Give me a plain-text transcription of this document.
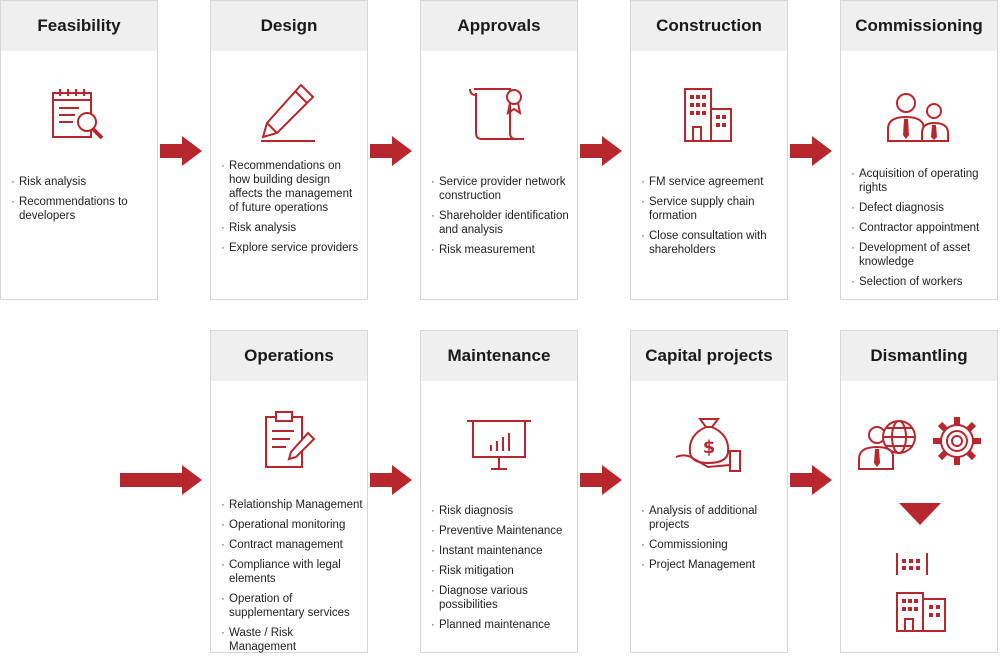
Feasibility
· Risk analysis
· Recommendations to developers
Design
· Recommendations on how building design affects the management of future operations
· Risk analysis
· Explore service providers
Approvals
· Service provider network construction
· Shareholder identification and analysis
· Risk measurement
Construction
· FM service agreement
· Service supply chain formation
· Close consultation with shareholders
Commissioning
· Acquisition of operating rights
· Defect diagnosis
· Contractor appointment
· Development of asset knowledge
· Selection of workers
Operations
· Relationship Management
· Operational monitoring
· Contract management
· Compliance with legal elements
· Operation of supplementary services
· Waste / Risk Management
Maintenance
· Risk diagnosis
· Preventive Maintenance
· Instant maintenance
· Risk mitigation
· Diagnose various possibilities
· Planned maintenance
Capital projects
$
· Analysis of additional projects
· Commissioning
· Project Management
Dismantling
